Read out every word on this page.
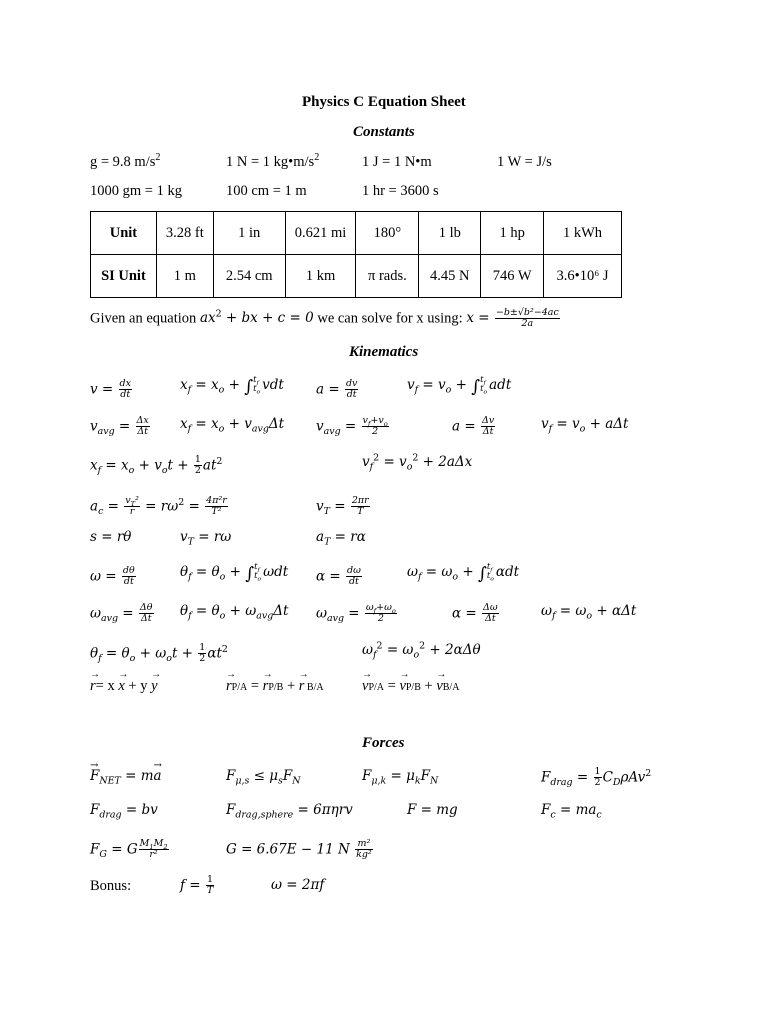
Physics C Equation Sheet
Constants
g = 9.8 $m/s^2$	1 N = 1 $kg•m/s^2$	1 J = 1 N•m	1 W = J/s
1000 gm = 1 kg	100 cm = 1 m	1 hr = 3600 s
Unit	3.28 ft	1 in	0.621 mi	180°	1 lb	1 hp	1 kWh
SI Unit	1 m	2.54 cm	1 km	π rads.	4.45 N	746 W	3.6•10⁶ J
Given an equation $ax^2$ + bx + c = 0 we can solve for x using: $x = \frac{\text{−b±√b²−4ac}}{2a}$
Kinematics
$v = \frac{dx}{dt}$	$x_f = x_o$ + ∫ $t_f$
$t_o$ vdt $a = \frac{dv}{dt}$	$v_f = v_o$ + ∫ $t_f$
$t_o$ adt
$v_{avg} = \frac{\Delta x}{\Delta t} x_f = x_o + v_{avg}\Delta t$ $v_{avg} = \frac{v_f+v_o}{2}$	$a = \frac{\Delta v}{\Delta t}$	$v_f = v_o + a\Delta t$
$x_f = x_o + v_ot + \frac{1}{2} at^2$	$v_f^2 = v_o^2 + 2a\Delta x$
$a_c = \frac{v_T^2}{r} = r\omega^2 = \frac{\text{4π²r}}{\text{T²}}$	$v_T = \frac{2\pi r}{T}$
s = rθ	$v_T = r\omega$	$a_T = r\alpha$
$\omega = \frac{d\theta}{dt}$	$\theta_f = \theta_o$ + ∫ $t_f$
$t_o$ ωdt $\alpha = \frac{d\omega}{dt}$	$\omega_f = \omega_o$ + ∫ $t_f$
$t_o$ αdt
$\omega_{avg} = \frac{\Delta\theta}{\Delta t} \theta_f = \theta_o + \omega_{avg}\Delta t$ $\omega_{avg} = \frac{\omega_f+\omega_o}{2}$	$\alpha = \frac{\Delta\omega}{\Delta t}$	$\omega_f = \omega_o + \alpha\Delta t$
$\theta_f = \theta_o + \omega_ot + \frac{1}{2} \alpha t^2$	$\omega_f^2 = \omega_o^2 + 2\alpha\Delta\theta$
→ r= x → x + y → y	→ rP/A = → rP/B + → r B/A	→ vP/A = → vP/B + → vB/A
Forces
→ $F_{NET} = m\to a$	$F_{\mu,s} \le \mu_sF_N$	$F_{\mu,k} = \mu_kF_N$	$F_{drag} = \frac{1}{2} C_D\rho Av^2$
$F_{drag}$ = bv	$F_{drag,sphere} = 6\pi\eta rv$	F = mg	$F_c = ma_c$
$F_G = G \frac{M_1M_2}{\text{r²}}$	G = 6.67E − 11 N $\frac{\text{m²}}{\text{kg²}}$
Bonus:	$f = \frac{1}{T}$	ω = 2πf
